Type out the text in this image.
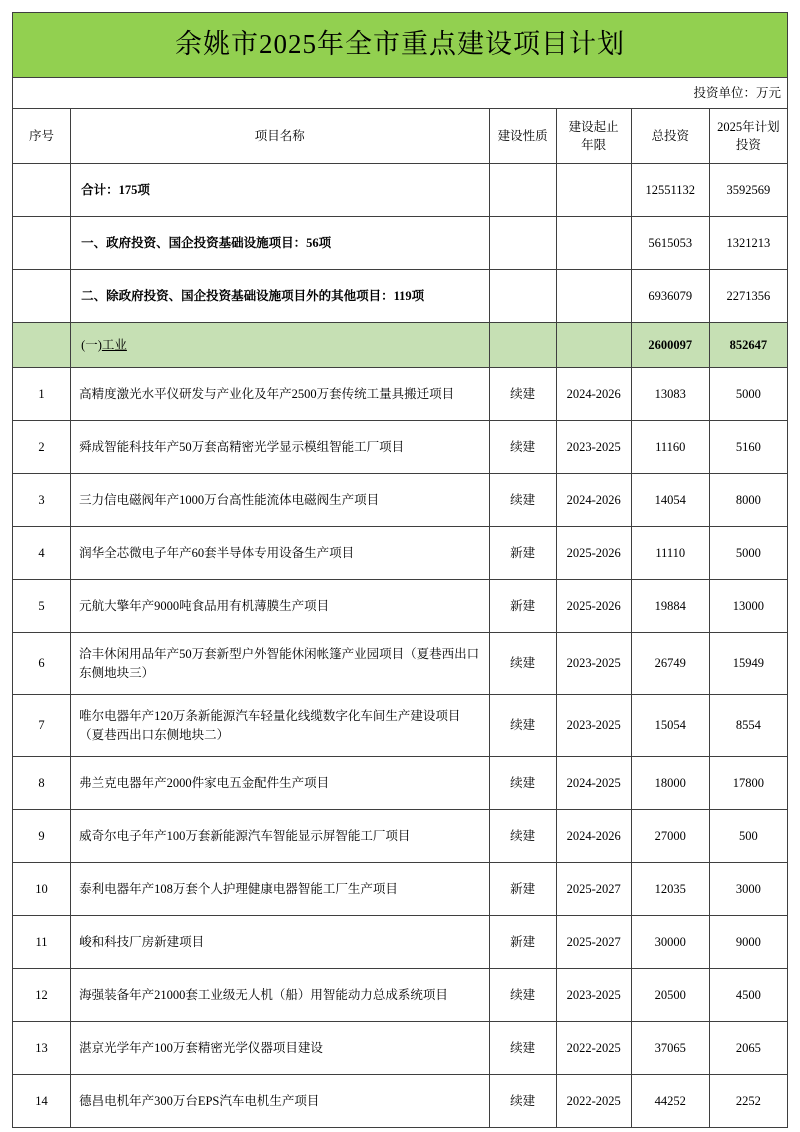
余姚市2025年全市重点建设项目计划					
投资单位：万元					
序号	项目名称	建设性质	建设起止年限	总投资	2025年计划投资
	合计：175项			12551132	3592569
	一、政府投资、国企投资基础设施项目：56项			5615053	1321213
	二、除政府投资、国企投资基础设施项目外的其他项目：119项			6936079	2271356
	(一)工业			2600097	852647
1	高精度激光水平仪研发与产业化及年产2500万套传统工量具搬迁项目	续建	2024-2026	13083	5000
2	舜成智能科技年产50万套高精密光学显示模组智能工厂项目	续建	2023-2025	11160	5160
3	三力信电磁阀年产1000万台高性能流体电磁阀生产项目	续建	2024-2026	14054	8000
4	润华全芯微电子年产60套半导体专用设备生产项目	新建	2025-2026	11110	5000
5	元航大擎年产9000吨食品用有机薄膜生产项目	新建	2025-2026	19884	13000
6	洽丰休闲用品年产50万套新型户外智能休闲帐篷产业园项目（夏巷西出口东侧地块三）	续建	2023-2025	26749	15949
7	唯尔电器年产120万条新能源汽车轻量化线缆数字化车间生产建设项目（夏巷西出口东侧地块二）	续建	2023-2025	15054	8554
8	弗兰克电器年产2000件家电五金配件生产项目	续建	2024-2025	18000	17800
9	威奇尔电子年产100万套新能源汽车智能显示屏智能工厂项目	续建	2024-2026	27000	500
10	泰利电器年产108万套个人护理健康电器智能工厂生产项目	新建	2025-2027	12035	3000
11	峻和科技厂房新建项目	新建	2025-2027	30000	9000
12	海强装备年产21000套工业级无人机（船）用智能动力总成系统项目	续建	2023-2025	20500	4500
13	湛京光学年产100万套精密光学仪器项目建设	续建	2022-2025	37065	2065
14	德昌电机年产300万台EPS汽车电机生产项目	续建	2022-2025	44252	2252
